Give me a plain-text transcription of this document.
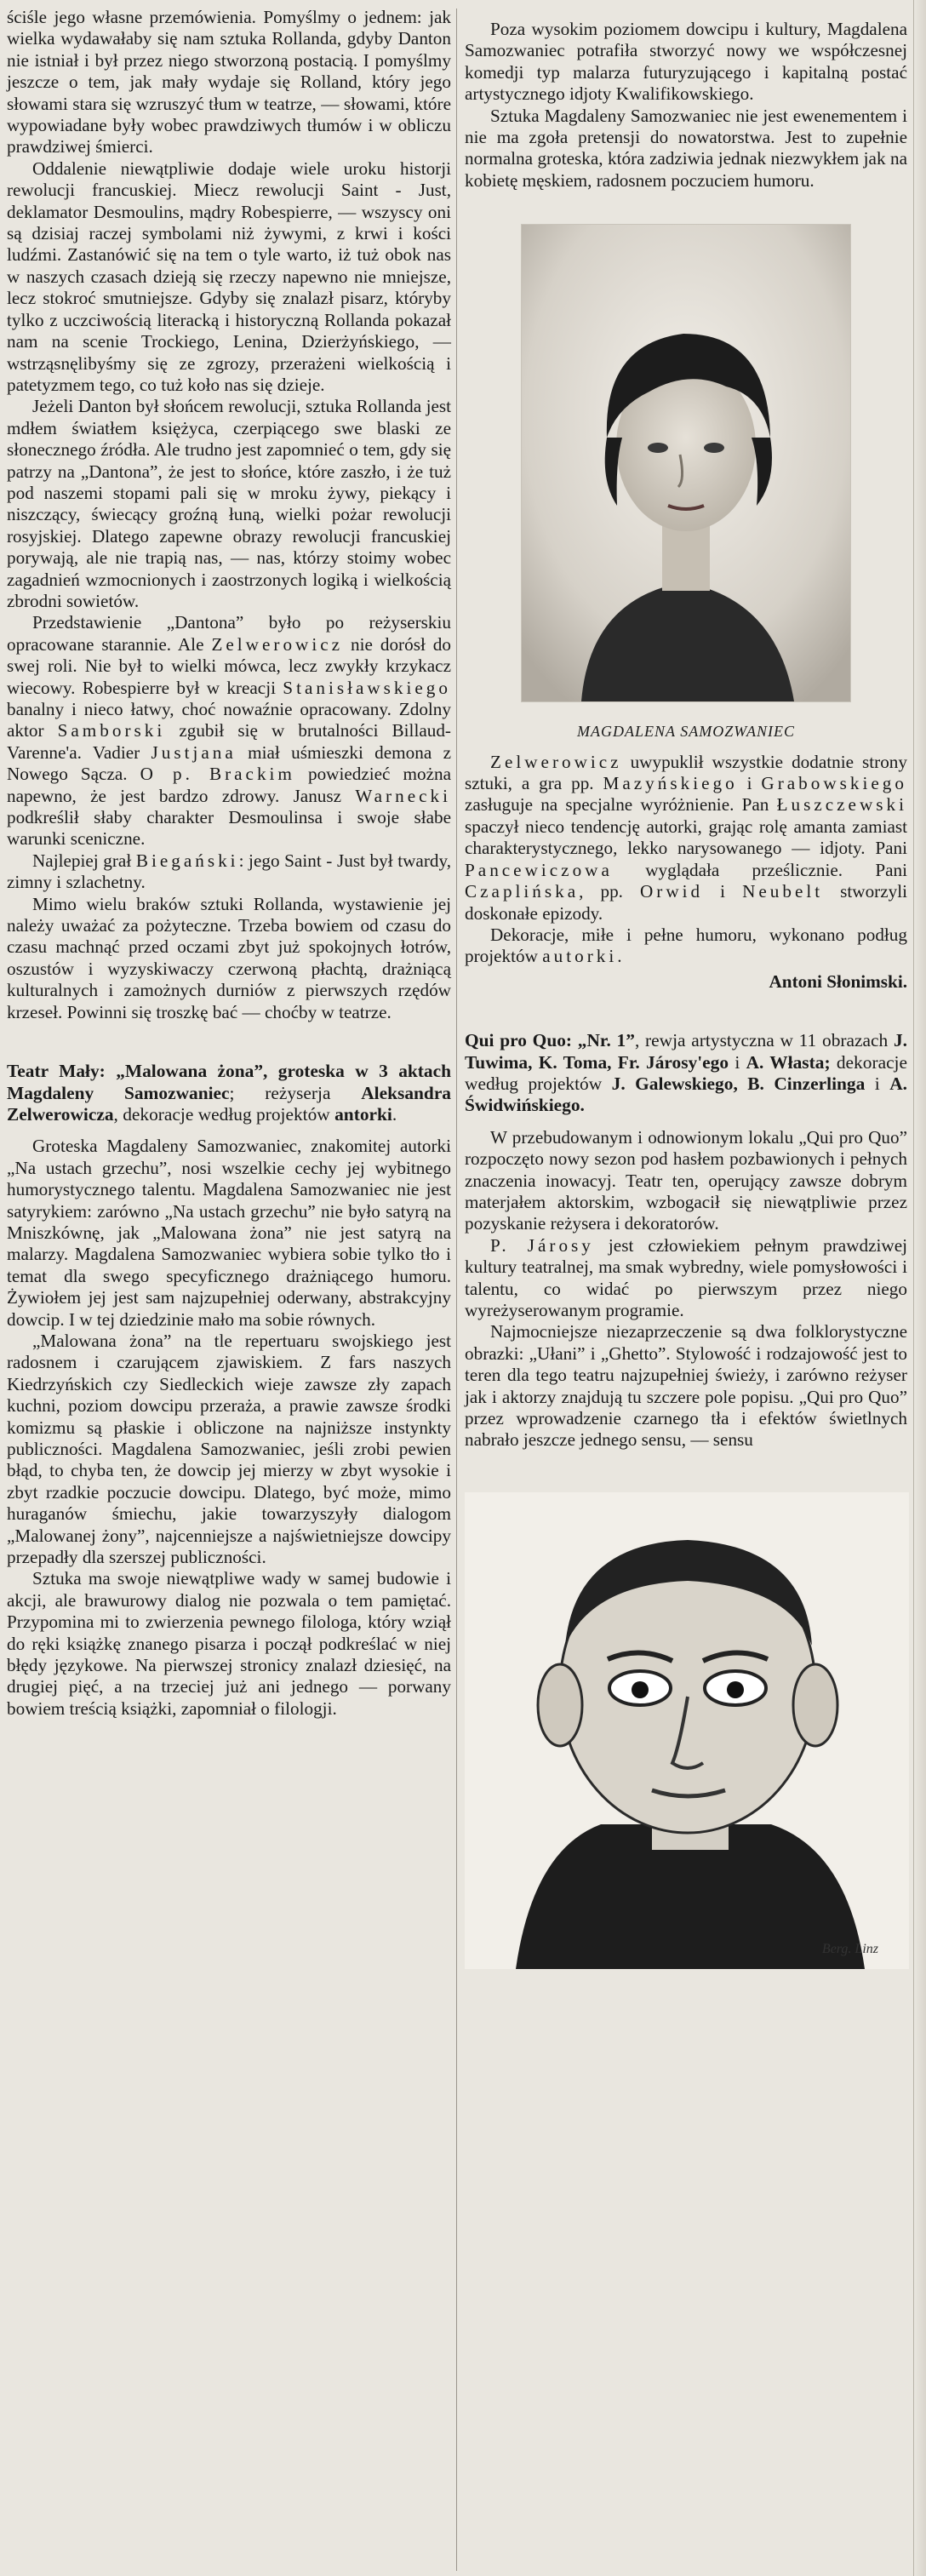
ściśle jego własne przemówienia. Pomyślmy o jednem: jak wielka wydawałaby się nam sztuka Rollanda, gdyby Danton nie istniał i był przez niego stworzoną postacią. I pomyślmy jeszcze o tem, jak mały wydaje się Rolland, który jego słowami stara się wzruszyć tłum w teatrze, — słowami, które wypowiadane były wobec prawdziwych tłumów i w obliczu prawdziwej śmierci.

Oddalenie niewątpliwie dodaje wiele uroku historji rewolucji francuskiej. Miecz rewolucji Saint - Just, deklamator Desmoulins, mądry Robespierre, — wszyscy oni są dzisiaj raczej symbolami niż żywymi, z krwi i kości ludźmi. Zastanówić się na tem o tyle warto, iż tuż obok nas w naszych czasach dzieją się rzeczy napewno nie mniejsze, lecz stokroć smutniejsze. Gdyby się znalazł pisarz, któryby tylko z uczciwością literacką i historyczną Rollanda pokazał nam na scenie Trockiego, Lenina, Dzierżyńskiego, — wstrząsnęlibyśmy się ze zgrozy, przerażeni wielkością i patetyzmem tego, co tuż koło nas się dzieje.

Jeżeli Danton był słońcem rewolucji, sztuka Rollanda jest mdłem światłem księżyca, czerpiącego swe blaski ze słonecznego źródła. Ale trudno jest zapomnieć o tem, gdy się patrzy na „Dantona”, że jest to słońce, które zaszło, i że tuż pod naszemi stopami pali się w mroku żywy, piekący i niszczący, świecący groźną łuną, wielki pożar rewolucji rosyjskiej. Dlatego zapewne obrazy rewolucji francuskiej porywają, ale nie trapią nas, — nas, którzy stoimy wobec zagadnień wzmocnionych i zaostrzonych logiką i wielkością zbrodni sowietów.

Przedstawienie „Dantona” było po reżyserskiu opracowane starannie. Ale Zelwerowicz nie dorósł do swej roli. Nie był to wielki mówca, lecz zwykły krzykacz wiecowy. Robespierre był w kreacji Stanisławskiego banalny i nieco łatwy, choć nowaźnie opracowany. Zdolny aktor Samborski zgubił się w brutalności Billaud-Varenne'a. Vadier Justjana miał uśmieszki demona z Nowego Sącza. O p. Brackim powiedzieć można napewno, że jest bardzo zdrowy. Janusz Warnecki podkreślił słaby charakter Desmoulinsa i swoje słabe warunki sceniczne.

Najlepiej grał Biegański: jego Saint - Just był twardy, zimny i szlachetny.

Mimo wielu braków sztuki Rollanda, wystawienie jej należy uważać za pożyteczne. Trzeba bowiem od czasu do czasu machnąć przed oczami zbyt już spokojnych łotrów, oszustów i wyzyskiwaczy czerwoną płachtą, drażniącą kulturalnych i zamożnych durniów z pierwszych rzędów krzeseł. Powinni się troszkę bać — choćby w teatrze.

Teatr Mały: „Malowana żona”, groteska w 3 aktach Magdaleny Samozwaniec; reżyserja Aleksandra Zelwerowicza, dekoracje według projektów antorki.

Groteska Magdaleny Samozwaniec, znakomitej autorki „Na ustach grzechu”, nosi wszelkie cechy jej wybitnego humorystycznego talentu. Magdalena Samozwaniec nie jest satyrykiem: zarówno „Na ustach grzechu” nie było satyrą na Mniszkównę, jak „Malowana żona” nie jest satyrą na malarzy. Magdalena Samozwaniec wybiera sobie tylko tło i temat dla swego specyficznego drażniącego humoru. Żywiołem jej jest sam najzupełniej oderwany, abstrakcyjny dowcip. I w tej dziedzinie mało ma sobie równych.

„Malowana żona” na tle repertuaru swojskiego jest radosnem i czarującem zjawiskiem. Z fars naszych Kiedrzyńskich czy Siedleckich wieje zawsze zły zapach kuchni, poziom dowcipu przeraża, a prawie zawsze środki komizmu są płaskie i obliczone na najniższe instynkty publiczności. Magdalena Samozwaniec, jeśli zrobi pewien błąd, to chyba ten, że dowcip jej mierzy w zbyt wysokie i zbyt rzadkie poczucie dowcipu. Dlatego, być może, mimo huraganów śmiechu, jakie towarzyszyły dialogom „Malowanej żony”, najcenniejsze a najświetniejsze dowcipy przepadły dla szerszej publiczności.

Sztuka ma swoje niewątpliwe wady w samej budowie i akcji, ale brawurowy dialog nie pozwala o tem pamiętać. Przypomina mi to zwierzenia pewnego filologa, który wziął do ręki książkę znanego pisarza i począł podkreślać w niej błędy językowe. Na pierwszej stronicy znalazł dziesięć, na drugiej pięć, a na trzeciej już ani jednego — porwany bowiem treścią książki, zapomniał o filologji.

Poza wysokim poziomem dowcipu i kultury, Magdalena Samozwaniec potrafiła stworzyć nowy we współczesnej komedji typ malarza futuryzującego i kapitalną postać artystycznego idjoty Kwalifikowskiego.

Sztuka Magdaleny Samozwaniec nie jest ewenementem i nie ma zgoła pretensji do nowatorstwa. Jest to zupełnie normalna groteska, która zadziwia jednak niezwykłem jak na kobietę męskiem, radosnem poczuciem humoru.

MAGDALENA SAMOZWANIEC

Zelwerowicz uwypuklił wszystkie dodatnie strony sztuki, a gra pp. Mazyńskiego i Grabowskiego zasługuje na specjalne wyróżnienie. Pan Łuszczewski spaczył nieco tendencję autorki, grając rolę amanta zamiast charakterystycznego, lekko narysowanego — idjoty. Pani Pancewiczowa wyglądała prześlicznie. Pani Czaplińska, pp. Orwid i Neubelt stworzyli doskonałe epizody.

Dekoracje, miłe i pełne humoru, wykonano podług projektów autorki.

Antoni Słonimski.

Qui pro Quo: „Nr. 1”, rewja artystyczna w 11 obrazach J. Tuwima, K. Toma, Fr. Járosy'ego i A. Własta; dekoracje według projektów J. Galewskiego, B. Cinzerlinga i A. Świdwińskiego.

W przebudowanym i odnowionym lokalu „Qui pro Quo” rozpoczęto nowy sezon pod hasłem pozbawionych i pełnych znaczenia inowacyj. Teatr ten, operujący zawsze dobrym materjałem aktorskim, wzbogacił się niewątpliwie przez pozyskanie reżysera i dekoratorów.

P. Járosy jest człowiekiem pełnym prawdziwej kultury teatralnej, ma smak wybredny, wiele pomysłowości i talentu, co widać po pierwszym przez niego wyreżyserowanym programie.

Najmocniejsze niezaprzeczenie są dwa folklorystyczne obrazki: „Ułani” i „Ghetto”. Stylowość i rodzajowość jest to teren dla tego teatru najzupełniej świeży, i zarówno reżyser jak i aktorzy znajdują tu szczere pole popisu. „Qui pro Quo” przez wprowadzenie czarnego tła i efektów świetlnych nabrało jeszcze jednego sensu, — sensu

Berg. Linz
